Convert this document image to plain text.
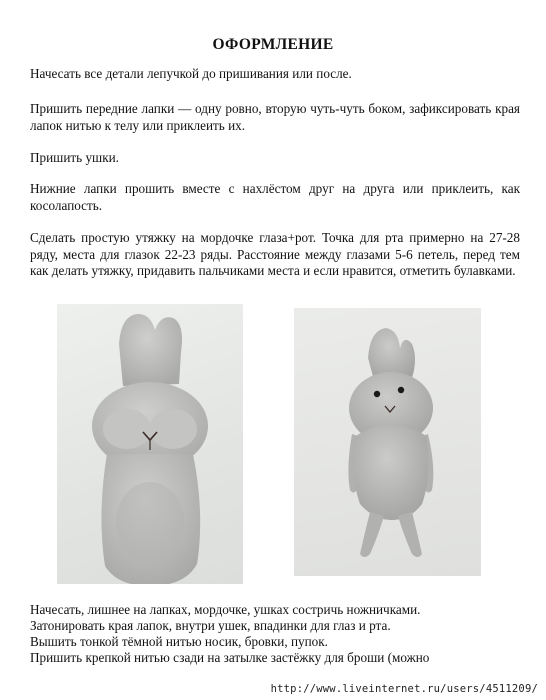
ОФОРМЛЕНИЕ
Начесать все детали лепучкой до пришивания или после.
Пришить передние лапки — одну ровно, вторую чуть-чуть боком, зафиксировать края лапок нитью к телу или приклеить их.
Пришить ушки.
Нижние лапки прошить вместе с нахлёстом друг на друга или приклеить, как косолапость.
Сделать простую утяжку на мордочке глаза+рот. Точка для рта примерно на 27-28 ряду, места для глазок 22-23 ряды. Расстояние между глазами 5-6 петель, перед тем как делать утяжку, придавить пальчиками места и если нравится, отметить булавками.
Начесать, лишнее на лапках, мордочке, ушках состричь ножничками.
Затонировать края лапок, внутри ушек, впадинки для глаз и рта.
Вышить тонкой тёмной нитью носик, бровки, пупок.
Пришить крепкой нитью сзади на затылке застёжку для броши (можно
http://www.liveinternet.ru/users/4511209/
